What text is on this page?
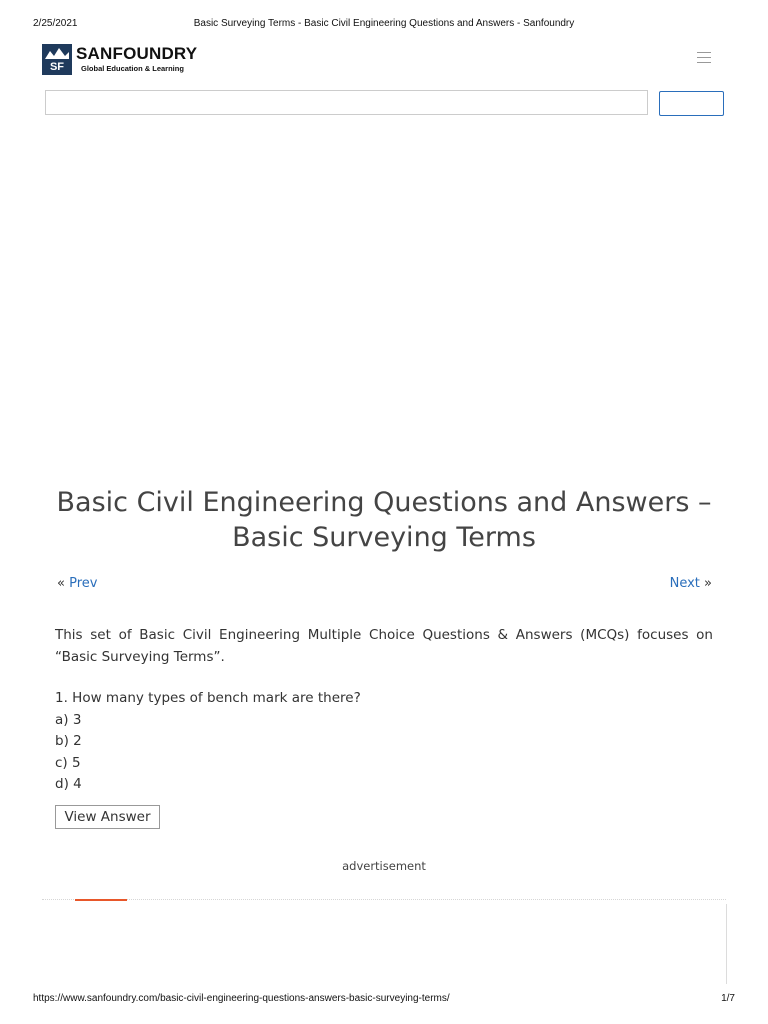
2/25/2021	Basic Surveying Terms - Basic Civil Engineering Questions and Answers - Sanfoundry
SF
SANFOUNDRY
Global Education & Learning
Basic Civil Engineering Questions and Answers – Basic Surveying Terms
« Prev	Next »

This set of Basic Civil Engineering Multiple Choice Questions & Answers (MCQs) focuses on “Basic Surveying Terms”.

1. How many types of bench mark are there?
a) 3
b) 2
c) 5
d) 4
View Answer
advertisement
https://www.sanfoundry.com/basic-civil-engineering-questions-answers-basic-surveying-terms/	1/7
